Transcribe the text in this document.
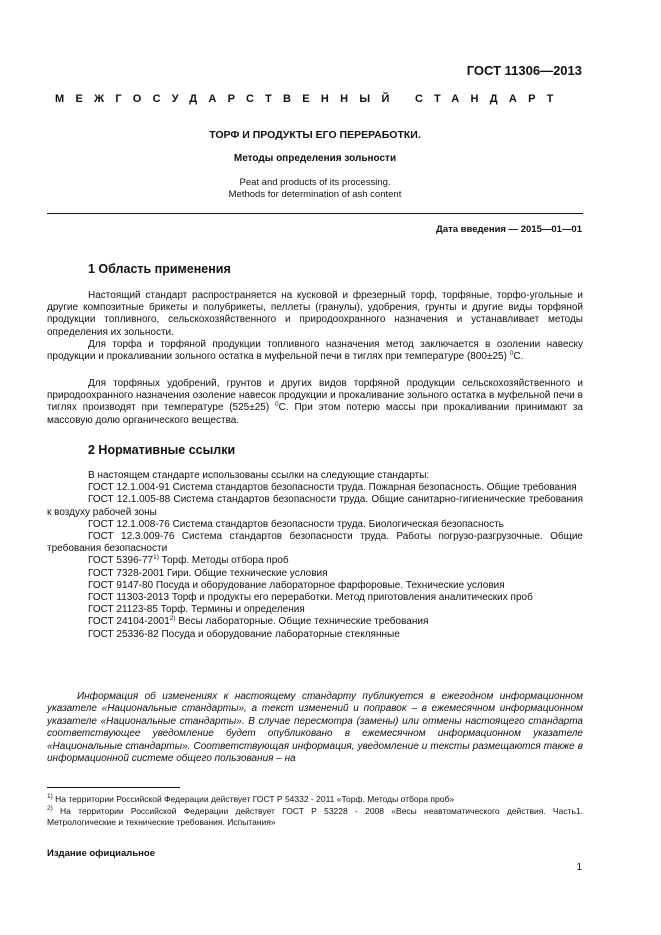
ГОСТ 11306—2013
МЕЖГОСУДАРСТВЕННЫЙ СТАНДАРТ
ТОРФ И ПРОДУКТЫ ЕГО ПЕРЕРАБОТКИ.
Методы определения зольности
Peat and products of its processing.
Methods for determination of ash content
Дата введения — 2015—01—01
1 Область применения
Настоящий стандарт распространяется на кусковой и фрезерный торф, торфяные, торфо-угольные и другие композитные брикеты и полубрикеты, пеллеты (гранулы), удобрения, грунты и другие виды торфяной продукции топливного, сельскохозяйственного и природоохранного назначения и устанавливает методы определения их зольности.
Для торфа и торфяной продукции топливного назначения метод заключается в озолении навеску продукции и прокаливании зольного остатка в муфельной печи в тиглях при температуре (800±25) $^0$С.
Для торфяных удобрений, грунтов и других видов торфяной продукции сельскохозяйственного и природоохранного назначения озоление навесок продукции и прокаливание зольного остатка в муфельной печи в тиглях производят при температуре (525±25) $^0$С. При этом потерю массы при прокаливании принимают за массовую долю органического вещества.
2 Нормативные ссылки
В настоящем стандарте использованы ссылки на следующие стандарты:
ГОСТ 12.1.004-91 Система стандартов безопасности труда. Пожарная безопасность. Общие требования
ГОСТ 12.1.005-88 Система стандартов безопасности труда. Общие санитарно-гигиенические требования к воздуху рабочей зоны
ГОСТ 12.1.008-76 Система стандартов безопасности труда. Биологическая безопасность
ГОСТ 12.3.009-76 Система стандартов безопасности труда. Работы погрузо-разгрузочные. Общие требования безопасности
ГОСТ 5396-77$^{1)}$ Торф. Методы отбора проб
ГОСТ 7328-2001 Гири. Общие технические условия
ГОСТ 9147-80 Посуда и оборудование лабораторное фарфоровые. Технические условия
ГОСТ 11303-2013 Торф и продукты его переработки. Метод приготовления аналитических проб
ГОСТ 21123-85 Торф. Термины и определения
ГОСТ 24104-2001$^{2)}$ Весы лабораторные. Общие технические требования
ГОСТ 25336-82 Посуда и оборудование лабораторные стеклянные
Информация об изменениях к настоящему стандарту публикуется в ежегодном информационном указателе «Национальные стандарты», а текст изменений и поправок – в ежемесячном информационном указателе «Национальные стандарты». В случае пересмотра (замены) или отмены настоящего стандарта соответствующее уведомление будет опубликовано в ежемесячном информационном указателе «Национальные стандарты». Соответствующая информация, уведомление и тексты размещаются также в информационной системе общего пользования – на
$^{1)}$ На территории Российской Федерации действует ГОСТ Р 54332 - 2011 «Торф. Методы отбора проб»
$^{2)}$ На территории Российской Федерации действует ГОСТ Р 53228 - 2008 «Весы неавтоматического действия. Часть1. Метрологические и технические требования. Испытания»
Издание официальное
1
